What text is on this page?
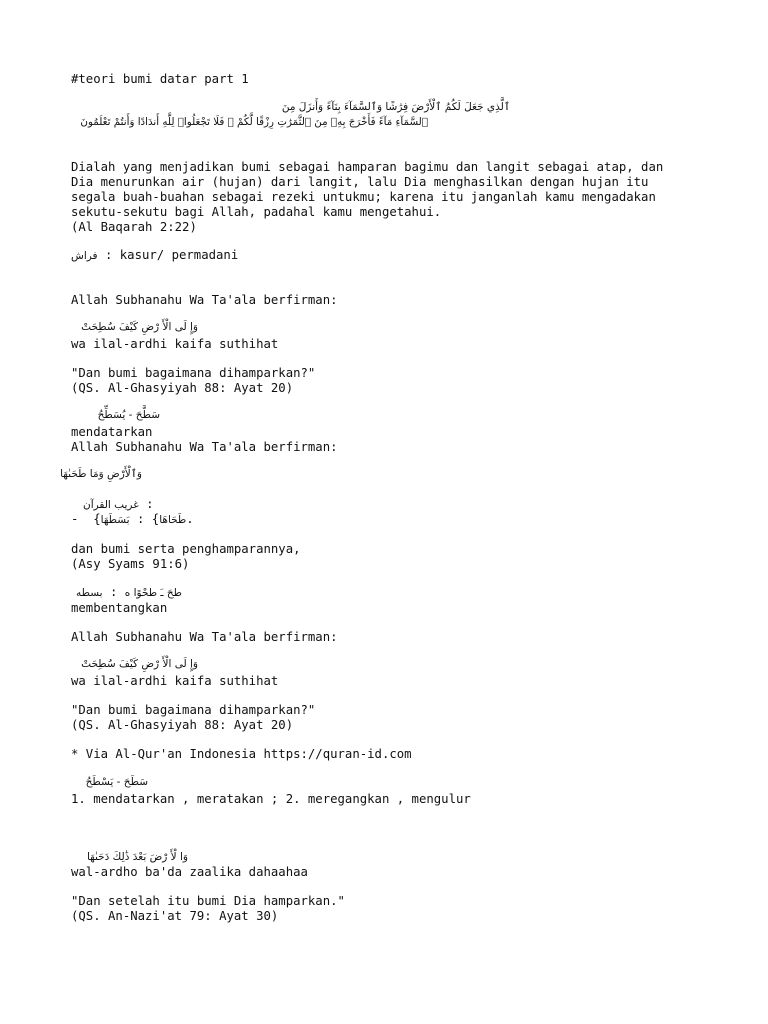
#teori bumi datar part 1
ٱلَّذِي جَعَلَ لَكُمُ ٱلْأَرْضَ فِرَٰشًا وَٱلسَّمَآءَ بِنَآءً وَأَنزَلَ مِنَ
ٱلسَّمَآءِ مَآءً فَأَخْرَجَ بِهِۦ مِنَ ٱلثَّمَرَٰتِ رِزْقًا لَّكُمْ ۖ فَلَا تَجْعَلُوا۟ لِلَّهِ أَندَادًا وَأَنتُمْ تَعْلَمُونَ
Dialah yang menjadikan bumi sebagai hamparan bagimu dan langit sebagai atap, dan
Dia menurunkan air (hujan) dari langit, lalu Dia menghasilkan dengan hujan itu
segala buah-buahan sebagai rezeki untukmu; karena itu janganlah kamu mengadakan
sekutu-sekutu bagi Allah, padahal kamu mengetahui.
(Al Baqarah 2:22)
فراش : kasur/ permadani
Allah Subhanahu Wa Ta'ala berfirman:
وَإِ لَى الْأَ رْضِ كَيْفَ سُطِحَتْ
wa ilal-ardhi kaifa suthihat
"Dan bumi bagaimana dihamparkan?"
(QS. Al-Ghasyiyah 88: Ayat 20)
سَطَّحَ - يُسَطِّحُ
mendatarkan
Allah Subhanahu Wa Ta'ala berfirman:
وَٱلْأَرْضِ وَمَا طَحَىٰهَا
غريب القرآن :
-  {	طَحَاهَا} : بَسَطَهَا	.
dan bumi serta penghamparannya,
(Asy Syams 91:6)
طحَ ـَ طحْوًا ه : بسطه
membentangkan
Allah Subhanahu Wa Ta'ala berfirman:
وَإِ لَى الْأَ رْضِ كَيْفَ سُطِحَتْ
wa ilal-ardhi kaifa suthihat
"Dan bumi bagaimana dihamparkan?"
(QS. Al-Ghasyiyah 88: Ayat 20)
* Via Al-Qur'an Indonesia https://quran-id.com
سَطَحَ - يَسْطَحُ
1. mendatarkan , meratakan ; 2. meregangkan , mengulur
وَا لْأَ رْضَ بَعْدَ ذَٰلِكَ دَحَىٰهَا
wal-ardho ba'da zaalika dahaahaa
"Dan setelah itu bumi Dia hamparkan."
(QS. An-Nazi'at 79: Ayat 30)
